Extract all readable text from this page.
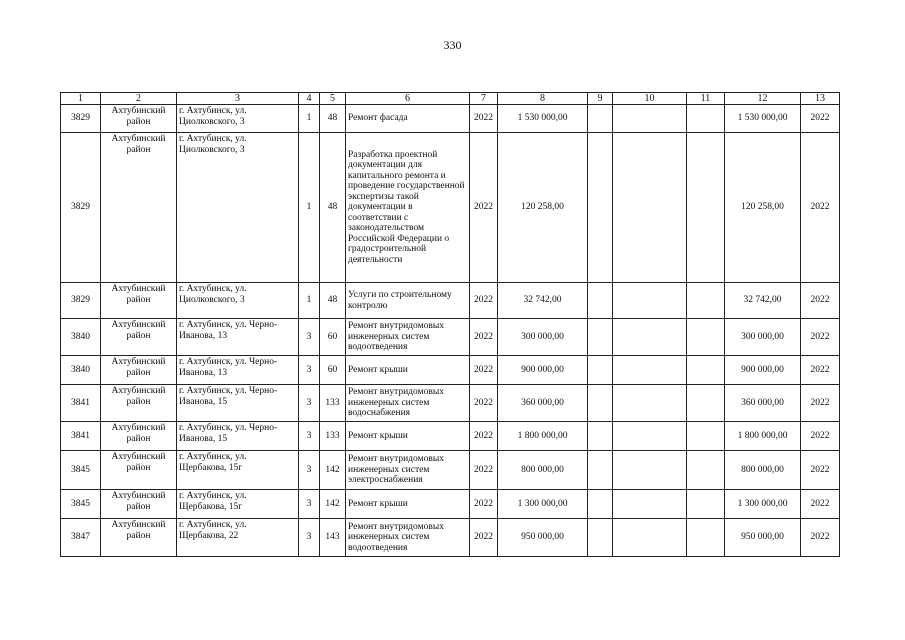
330
1	2	3	4	5	6	7	8	9	10	11	12	13
3829	Ахтубинский район	г. Ахтубинск, ул. Циолковского, 3	1	48	Ремонт фасада	2022	1 530 000,00				1 530 000,00	2022
3829	Ахтубинский район	г. Ахтубинск, ул. Циолковского, 3	1	48	Разработка проектной документации для капитального ремонта и проведение государственной экспертизы такой документации в соответствии с законодательством Российской Федерации о градостроительной деятельности	2022	120 258,00				120 258,00	2022
3829	Ахтубинский район	г. Ахтубинск, ул. Циолковского, 3	1	48	Услуги по строительному контролю	2022	32 742,00				32 742,00	2022
3840	Ахтубинский район	г. Ахтубинск, ул. Черно-Иванова, 13	3	60	Ремонт внутридомовых инженерных систем водоотведения	2022	300 000,00				300 000,00	2022
3840	Ахтубинский район	г. Ахтубинск, ул. Черно-Иванова, 13	3	60	Ремонт крыши	2022	900 000,00				900 000,00	2022
3841	Ахтубинский район	г. Ахтубинск, ул. Черно-Иванова, 15	3	133	Ремонт внутридомовых инженерных систем водоснабжения	2022	360 000,00				360 000,00	2022
3841	Ахтубинский район	г. Ахтубинск, ул. Черно-Иванова, 15	3	133	Ремонт крыши	2022	1 800 000,00				1 800 000,00	2022
3845	Ахтубинский район	г. Ахтубинск, ул. Щербакова, 15г	3	142	Ремонт внутридомовых инженерных систем электроснабжения	2022	800 000,00				800 000,00	2022
3845	Ахтубинский район	г. Ахтубинск, ул. Щербакова, 15г	3	142	Ремонт крыши	2022	1 300 000,00				1 300 000,00	2022
3847	Ахтубинский район	г. Ахтубинск, ул. Щербакова, 22	3	143	Ремонт внутридомовых инженерных систем водоотведения	2022	950 000,00				950 000,00	2022
